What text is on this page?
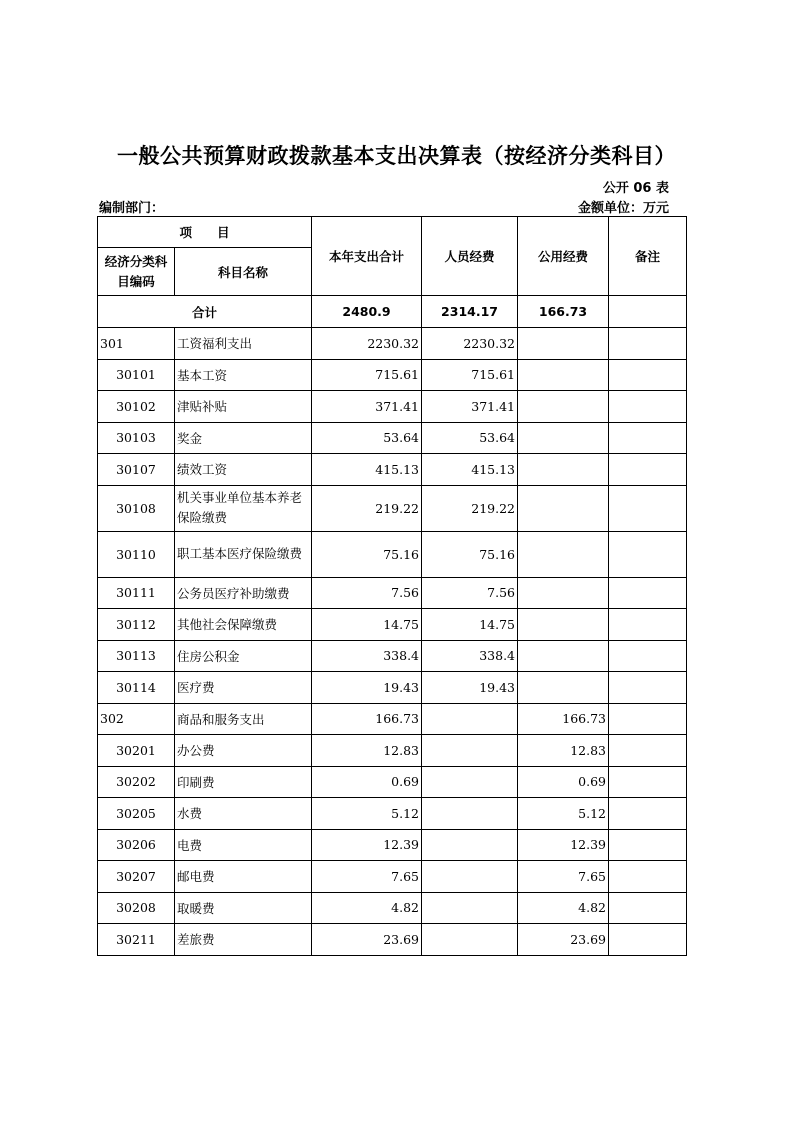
一般公共预算财政拨款基本支出决算表（按经济分类科目）
公开 06 表
编制部门：	金额单位：万元
项　　目		本年支出合计	人员经费	公用经费	备注
经济分类科目编码	科目名称				
合计		2480.9	2314.17	166.73	
301	工资福利支出	2230.32	2230.32		
30101	基本工资	715.61	715.61		
30102	津贴补贴	371.41	371.41		
30103	奖金	53.64	53.64		
30107	绩效工资	415.13	415.13		
30108	机关事业单位基本养老保险缴费	219.22	219.22		
30110	职工基本医疗保险缴费	75.16	75.16		
30111	公务员医疗补助缴费	7.56	7.56		
30112	其他社会保障缴费	14.75	14.75		
30113	住房公积金	338.4	338.4		
30114	医疗费	19.43	19.43		
302	商品和服务支出	166.73		166.73	
30201	办公费	12.83		12.83	
30202	印刷费	0.69		0.69	
30205	水费	5.12		5.12	
30206	电费	12.39		12.39	
30207	邮电费	7.65		7.65	
30208	取暖费	4.82		4.82	
30211	差旅费	23.69		23.69	
